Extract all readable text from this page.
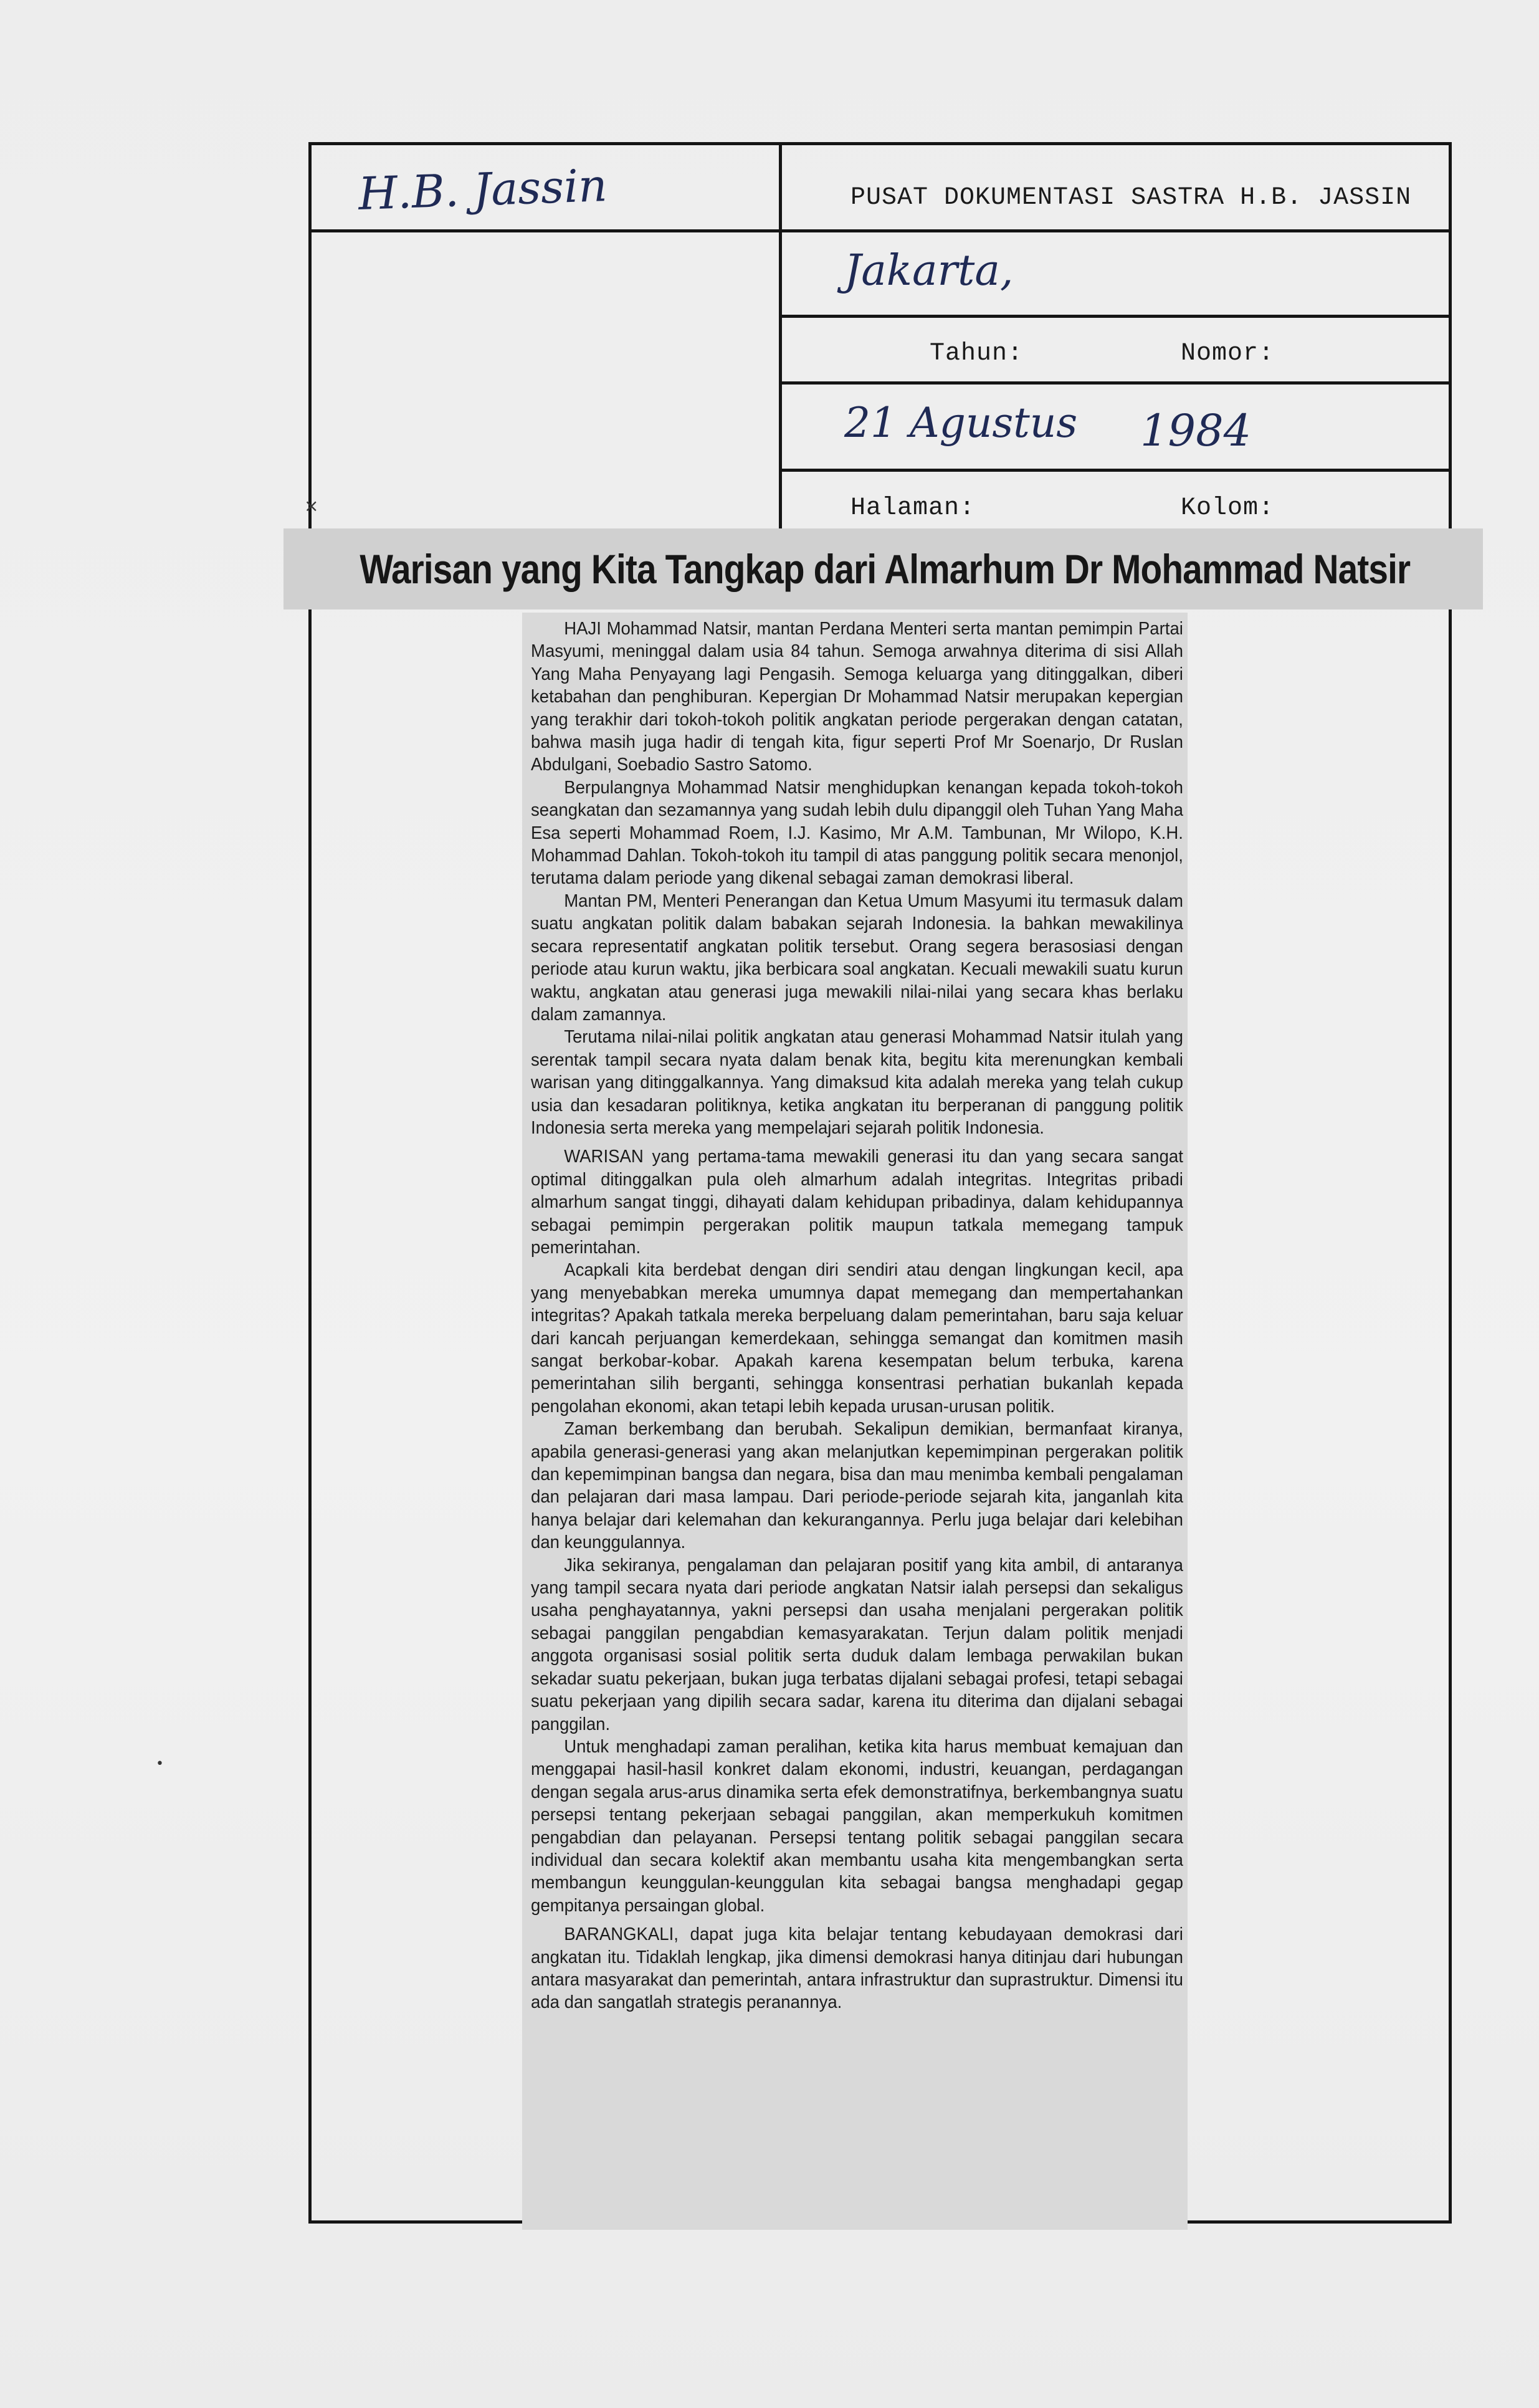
H.B. Jassin	PUSAT DOKUMENTASI SASTRA H.B. JASSIN
Jakarta,
Tahun:	Nomor:
21 Agustus 1984
Halaman:	Kolom:
×
•
Warisan yang Kita Tangkap dari Almarhum Dr Mohammad Natsir

HAJI Mohammad Natsir, mantan Perdana Menteri serta mantan pemimpin Partai Masyumi, meninggal dalam usia 84 tahun. Semoga arwahnya diterima di sisi Allah Yang Maha Penyayang lagi Pengasih. Semoga keluarga yang ditinggalkan, diberi ketabahan dan penghiburan. Kepergian Dr Mohammad Natsir merupakan kepergian yang terakhir dari tokoh-tokoh politik angkatan periode pergerakan dengan catatan, bahwa masih juga hadir di tengah kita, figur seperti Prof Mr Soenarjo, Dr Ruslan Abdulgani, Soebadio Sastro Satomo.

Berpulangnya Mohammad Natsir menghidupkan kenangan kepada tokoh-tokoh seangkatan dan sezamannya yang sudah lebih dulu dipanggil oleh Tuhan Yang Maha Esa seperti Mohammad Roem, I.J. Kasimo, Mr A.M. Tambunan, Mr Wilopo, K.H. Mohammad Dahlan. Tokoh-tokoh itu tampil di atas panggung politik secara menonjol, terutama dalam periode yang dikenal sebagai zaman demokrasi liberal.

Mantan PM, Menteri Penerangan dan Ketua Umum Masyumi itu termasuk dalam suatu angkatan politik dalam babakan sejarah Indonesia. Ia bahkan mewakilinya secara representatif angkatan politik tersebut. Orang segera berasosiasi dengan periode atau kurun waktu, jika berbicara soal angkatan. Kecuali mewakili suatu kurun waktu, angkatan atau generasi juga mewakili nilai-nilai yang secara khas berlaku dalam zamannya.

Terutama nilai-nilai politik angkatan atau generasi Mohammad Natsir itulah yang serentak tampil secara nyata dalam benak kita, begitu kita merenungkan kembali warisan yang ditinggalkannya. Yang dimaksud kita adalah mereka yang telah cukup usia dan kesadaran politiknya, ketika angkatan itu berperanan di panggung politik Indonesia serta mereka yang mempelajari sejarah politik Indonesia.

WARISAN yang pertama-tama mewakili generasi itu dan yang secara sangat optimal ditinggalkan pula oleh almarhum adalah integritas. Integritas pribadi almarhum sangat tinggi, dihayati dalam kehidupan pribadinya, dalam kehidupannya sebagai pemimpin pergerakan politik maupun tatkala memegang tampuk pemerintahan.

Acapkali kita berdebat dengan diri sendiri atau dengan lingkungan kecil, apa yang menyebabkan mereka umumnya dapat memegang dan mempertahankan integritas? Apakah tatkala mereka berpeluang dalam pemerintahan, baru saja keluar dari kancah perjuangan kemerdekaan, sehingga semangat dan komitmen masih sangat berkobar-kobar. Apakah karena kesempatan belum terbuka, karena pemerintahan silih berganti, sehingga konsentrasi perhatian bukanlah kepada pengolahan ekonomi, akan tetapi lebih kepada urusan-urusan politik.

Zaman berkembang dan berubah. Sekalipun demikian, bermanfaat kiranya, apabila generasi-generasi yang akan melanjutkan kepemimpinan pergerakan politik dan kepemimpinan bangsa dan negara, bisa dan mau menimba kembali pengalaman dan pelajaran dari masa lampau. Dari periode-periode sejarah kita, janganlah kita hanya belajar dari kelemahan dan kekurangannya. Perlu juga belajar dari kelebihan dan keunggulannya.

Jika sekiranya, pengalaman dan pelajaran positif yang kita ambil, di antaranya yang tampil secara nyata dari periode angkatan Natsir ialah persepsi dan sekaligus usaha penghayatannya, yakni persepsi dan usaha menjalani pergerakan politik sebagai panggilan pengabdian kemasyarakatan. Terjun dalam politik menjadi anggota organisasi sosial politik serta duduk dalam lembaga perwakilan bukan sekadar suatu pekerjaan, bukan juga terbatas dijalani sebagai profesi, tetapi sebagai suatu pekerjaan yang dipilih secara sadar, karena itu diterima dan dijalani sebagai panggilan.

Untuk menghadapi zaman peralihan, ketika kita harus membuat kemajuan dan menggapai hasil-hasil konkret dalam ekonomi, industri, keuangan, perdagangan dengan segala arus-arus dinamika serta efek demonstratifnya, berkembangnya suatu persepsi tentang pekerjaan sebagai panggilan, akan memperkukuh komitmen pengabdian dan pelayanan. Persepsi tentang politik sebagai panggilan secara individual dan secara kolektif akan membantu usaha kita mengembangkan serta membangun keunggulan-keunggulan kita sebagai bangsa menghadapi gegap gempitanya persaingan global.

BARANGKALI, dapat juga kita belajar tentang kebudayaan demokrasi dari angkatan itu. Tidaklah lengkap, jika dimensi demokrasi hanya ditinjau dari hubungan antara masyarakat dan pemerintah, antara infrastruktur dan suprastruktur. Dimensi itu ada dan sangatlah strategis peranannya.
